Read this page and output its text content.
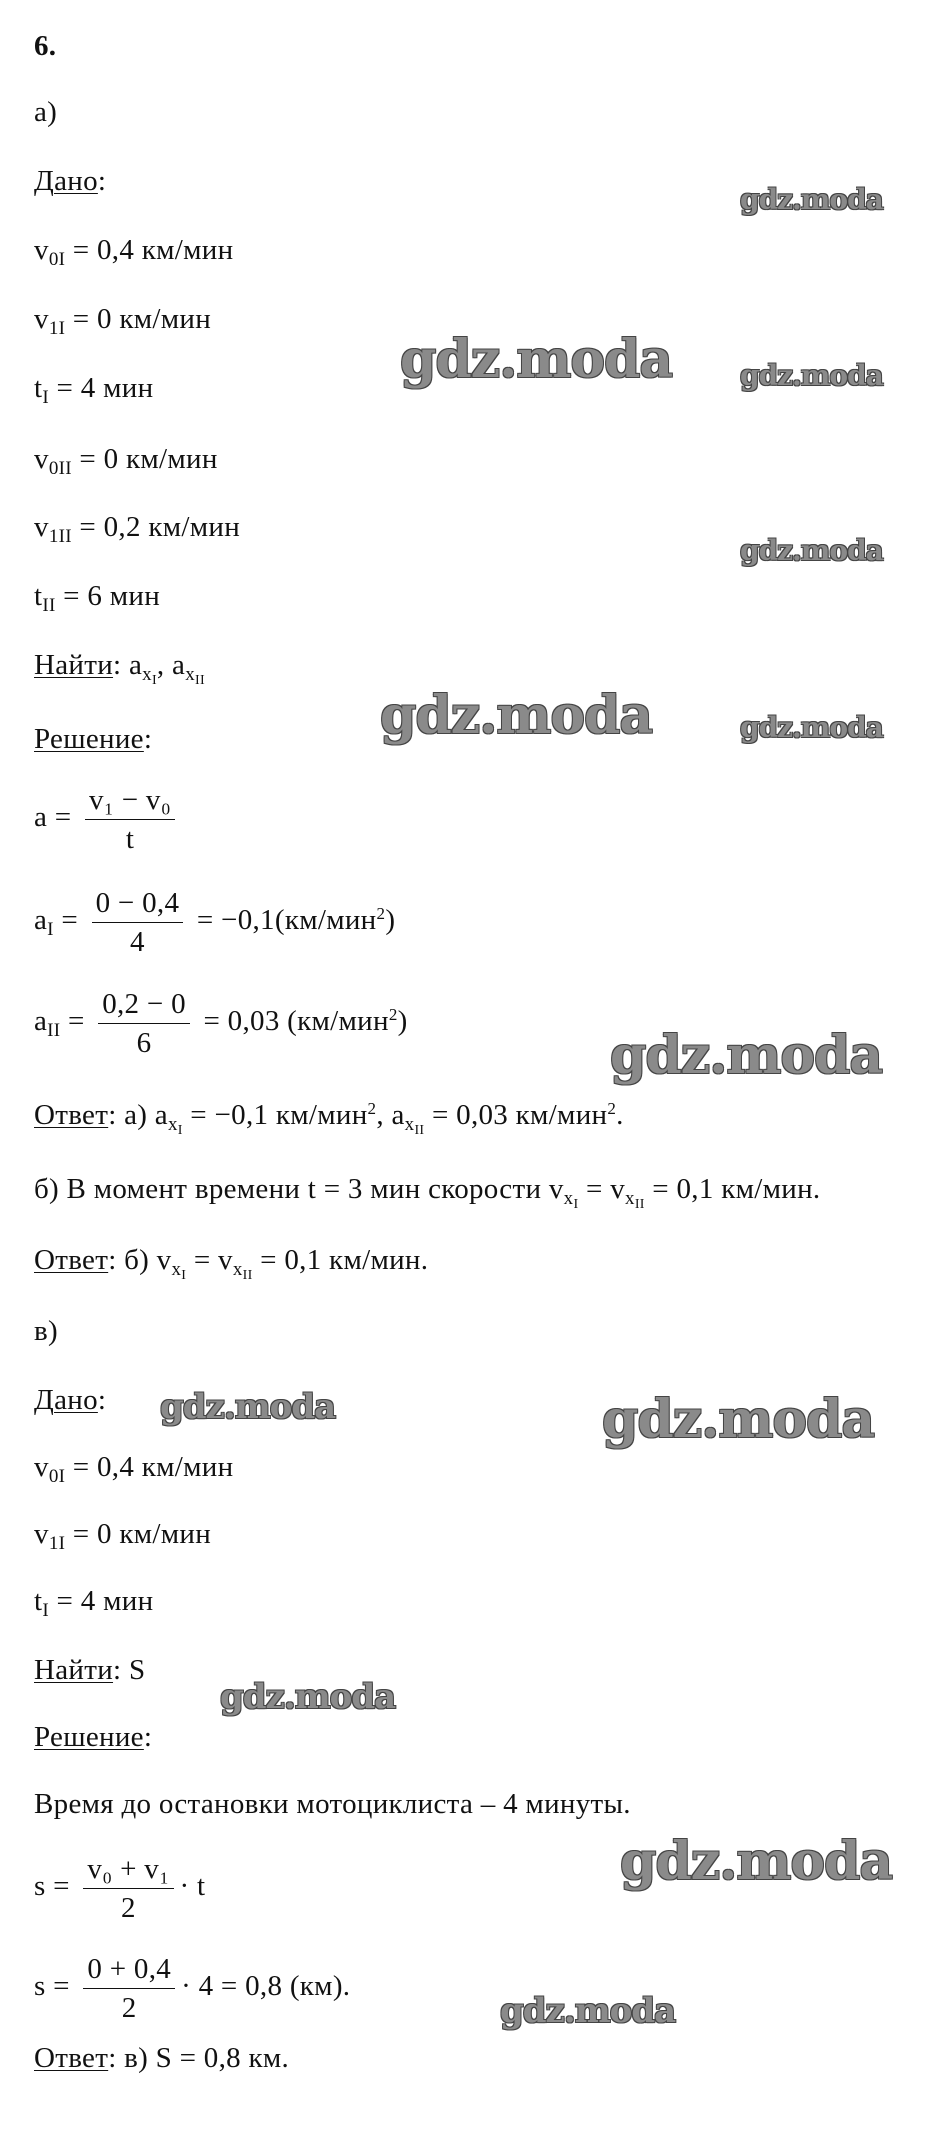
6.
а)
Дано:
$v_{0I} = 0,4$ км/мин
$v_{1I} = 0$ км/мин
$t_I = 4$ мин
$v_{0II} = 0$ км/мин
$v_{1II} = 0,2$ км/мин
$t_{II} = 6$ мин
Найти: $a_{x_I}$, $a_{x_{II}}$
Решение:
$a = \frac{\text{v₁ − v₀}}{t}$
$a_I = \frac{0 - 0,4}{4} = -0,1(км/мин^2)$
$a_{II} = \frac{0,2 - 0}{6} = 0,03$ (км/мин$^2$)
Ответ: а) $a_{x_I} = -0,1$ км/мин$^2$, $a_{x_{II}} = 0,03$ км/мин$^2$.
б) В момент времени t = 3 мин скорости $v_{x_I} = v_{x_{II}} = 0,1$ км/мин.
Ответ: б) $v_{x_I} = v_{x_{II}} = 0,1$ км/мин.
в)
Дано:
$v_{0I} = 0,4$ км/мин
$v_{1I} = 0$ км/мин
$t_I = 4$ мин
Найти: S
Решение:
Время до остановки мотоциклиста – 4 минуты.
$s = \frac{\text{v₀ + v₁}}{2} \cdot t$
$s = \frac{0 + 0,4}{2} \cdot 4 = 0,8$ (км).
Ответ: в) S = 0,8 км.
gdz.moda
gdz.moda
gdz.moda
gdz.moda
gdz.moda
gdz.moda
gdz.moda
gdz.moda	gdz.moda
gdz.moda
gdz.moda
gdz.moda
